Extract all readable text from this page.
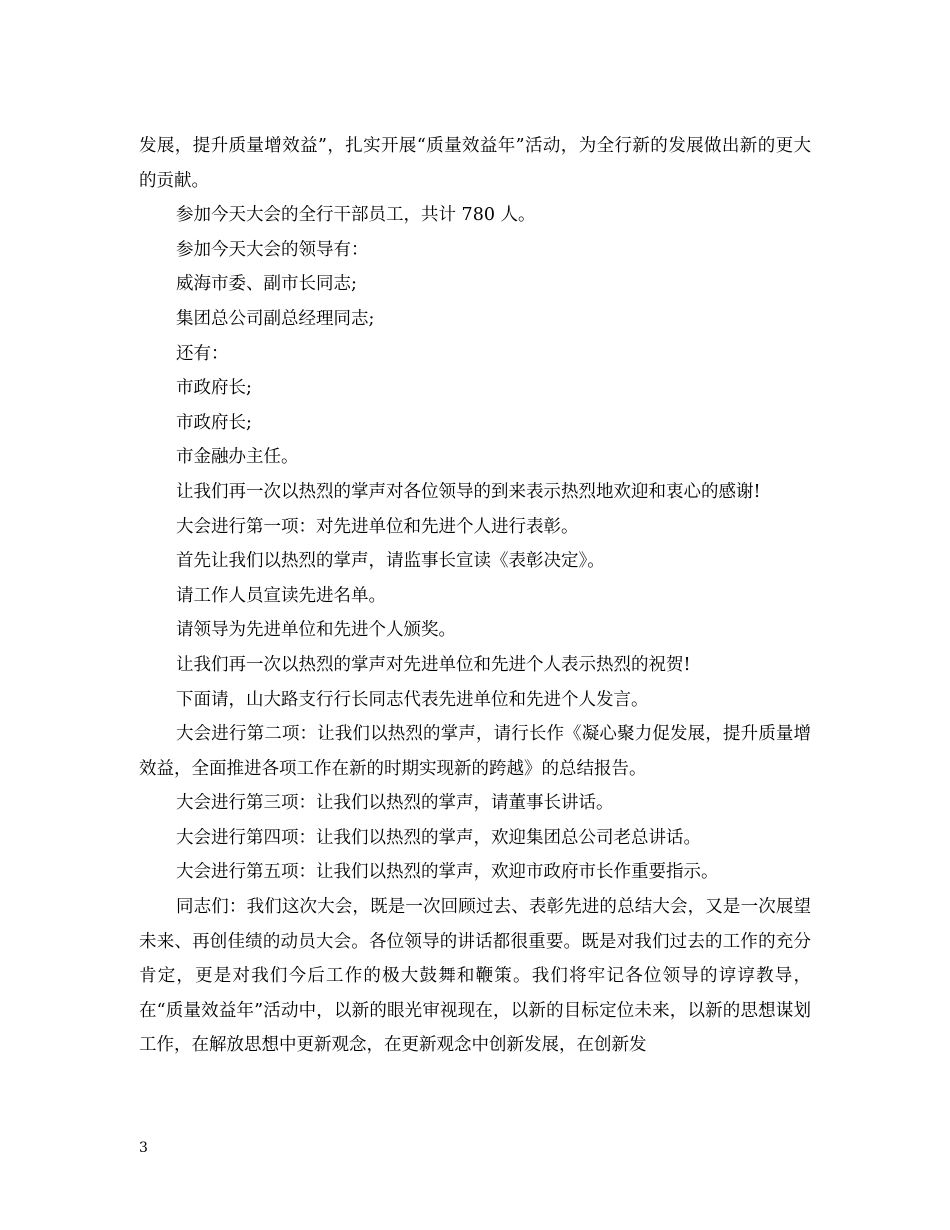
发展，提升质量增效益”，扎实开展“质量效益年”活动，为全行新的发展做出新的更大的贡献。

参加今天大会的全行干部员工，共计 780 人。

参加今天大会的领导有：

威海市委、副市长同志;

集团总公司副总经理同志;

还有：

市政府长;

市政府长;

市金融办主任。

让我们再一次以热烈的掌声对各位领导的到来表示热烈地欢迎和衷心的感谢!

大会进行第一项：对先进单位和先进个人进行表彰。

首先让我们以热烈的掌声，请监事长宣读《表彰决定》。

请工作人员宣读先进名单。

请领导为先进单位和先进个人颁奖。

让我们再一次以热烈的掌声对先进单位和先进个人表示热烈的祝贺!

下面请，山大路支行行长同志代表先进单位和先进个人发言。

大会进行第二项：让我们以热烈的掌声，请行长作《凝心聚力促发展，提升质量增效益，全面推进各项工作在新的时期实现新的跨越》的总结报告。

大会进行第三项：让我们以热烈的掌声，请董事长讲话。

大会进行第四项：让我们以热烈的掌声，欢迎集团总公司老总讲话。

大会进行第五项：让我们以热烈的掌声，欢迎市政府市长作重要指示。

同志们：我们这次大会，既是一次回顾过去、表彰先进的总结大会，又是一次展望未来、再创佳绩的动员大会。各位领导的讲话都很重要。既是对我们过去的工作的充分肯定，更是对我们今后工作的极大鼓舞和鞭策。我们将牢记各位领导的谆谆教导，在“质量效益年”活动中，以新的眼光审视现在，以新的目标定位未来，以新的思想谋划工作，在解放思想中更新观念，在更新观念中创新发展，在创新发

3
